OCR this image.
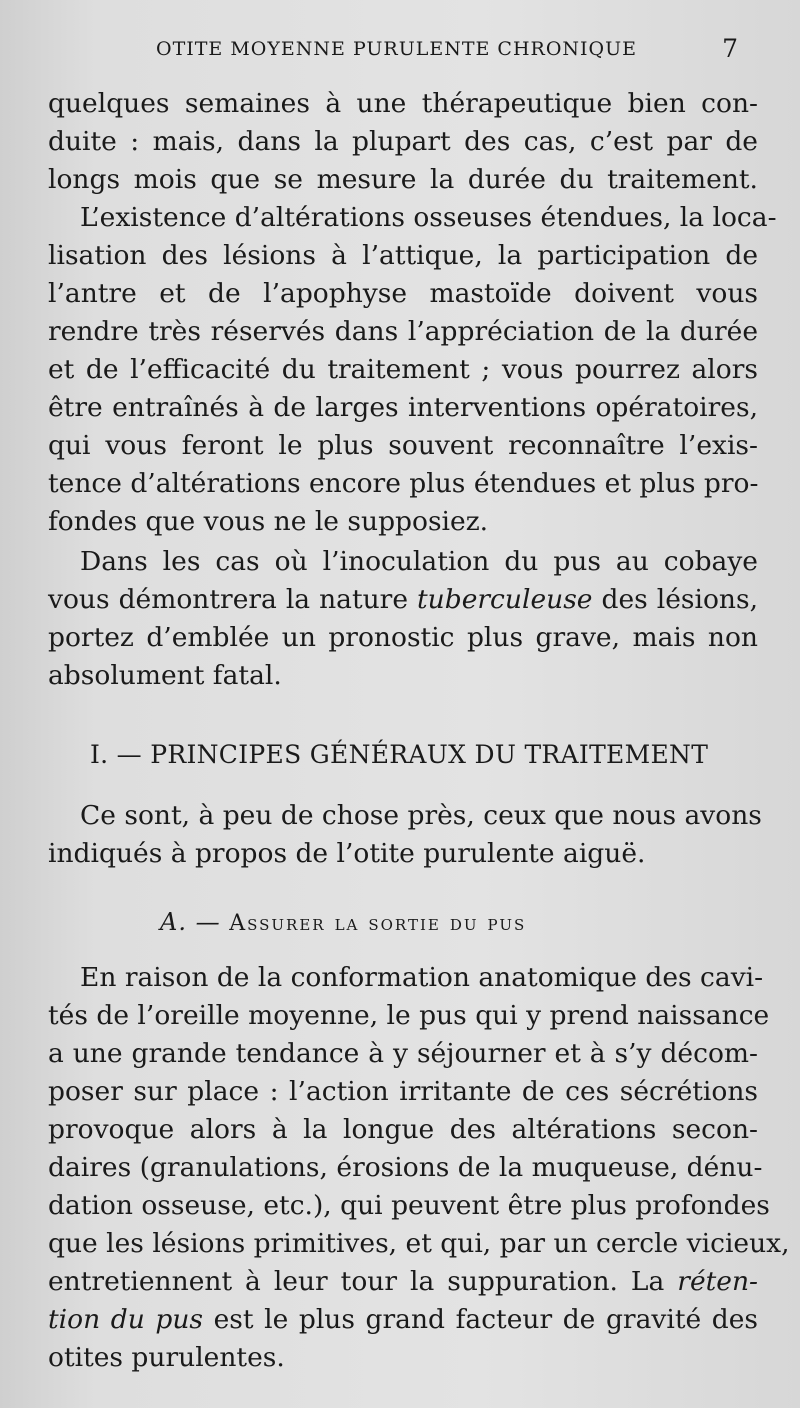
OTITE MOYENNE PURULENTE CHRONIQUE	7
quelques semaines à une thérapeutique bien con-
duite : mais, dans la plupart des cas, c’est par de
longs mois que se mesure la durée du traitement.
L’existence d’altérations osseuses étendues, la loca-
lisation des lésions à l’attique, la participation de
l’antre et de l’apophyse mastoïde doivent vous
rendre très réservés dans l’appréciation de la durée
et de l’efficacité du traitement ; vous pourrez alors
être entraînés à de larges interventions opératoires,
qui vous feront le plus souvent reconnaître l’exis-
tence d’altérations encore plus étendues et plus pro-
fondes que vous ne le supposiez.
Dans les cas où l’inoculation du pus au cobaye
vous démontrera la nature tuberculeuse des lésions,
portez d’emblée un pronostic plus grave, mais non
absolument fatal.
I. — PRINCIPES GÉNÉRAUX DU TRAITEMENT
Ce sont, à peu de chose près, ceux que nous avons
indiqués à propos de l’otite purulente aiguë.
A. — Assurer la sortie du pus
En raison de la conformation anatomique des cavi-
tés de l’oreille moyenne, le pus qui y prend naissance
a une grande tendance à y séjourner et à s’y décom-
poser sur place : l’action irritante de ces sécrétions
provoque alors à la longue des altérations secon-
daires (granulations, érosions de la muqueuse, dénu-
dation osseuse, etc.), qui peuvent être plus profondes
que les lésions primitives, et qui, par un cercle vicieux,
entretiennent à leur tour la suppuration. La réten-
tion du pus est le plus grand facteur de gravité des
otites purulentes.
